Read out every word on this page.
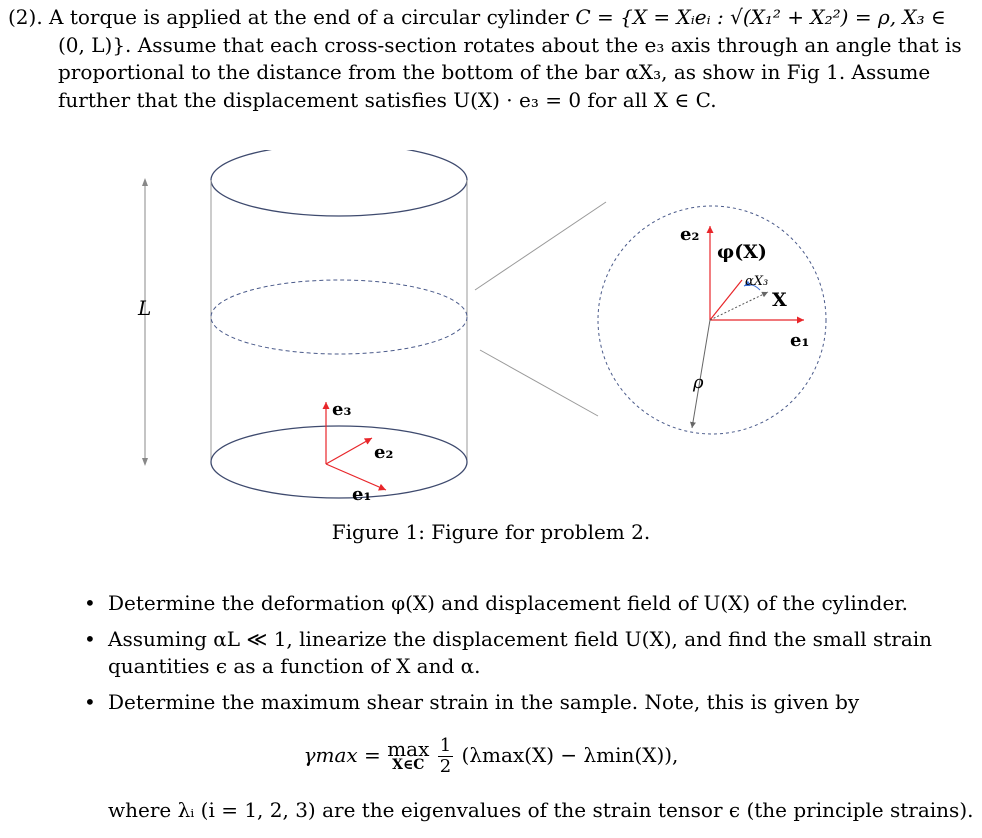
(2). A torque is applied at the end of a circular cylinder C = {X = Xᵢeᵢ : √(X₁² + X₂²) = ρ, X₃ ∈
(0, L)}. Assume that each cross-section rotates about the e₃ axis through an angle that is
proportional to the distance from the bottom of the bar αX₃, as show in Fig 1. Assume
further that the displacement satisfies U(X) · e₃ = 0 for all X ∈ C.
L
e₃
e₂
e₁
e₂
e₁
φ(X)
αX₃
X
ρ
Figure 1: Figure for problem 2.
• Determine the deformation φ(X) and displacement field of U(X) of the cylinder.
• Assuming αL ≪ 1, linearize the displacement field U(X), and find the small strain quantities ϵ as a function of X and α.
• Determine the maximum shear strain in the sample. Note, this is given by
γmax = max
X∈C
$\frac{1}{2} (\lambda\max(X) - \lambda\min(X))$,
where λᵢ (i = 1, 2, 3) are the eigenvalues of the strain tensor ϵ (the principle strains).
